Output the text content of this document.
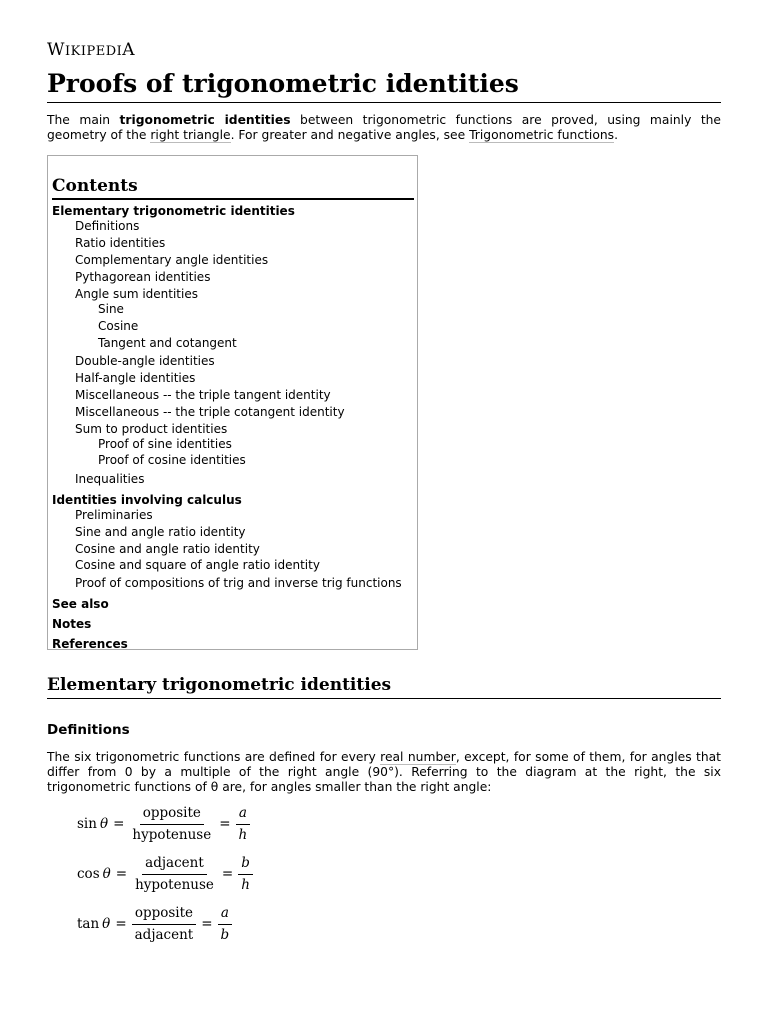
WIKIPEDIA
Proofs of trigonometric identities

The main trigonometric identities between trigonometric functions are proved, using mainly the geometry of the right triangle. For greater and negative angles, see Trigonometric functions.

Contents
Elementary trigonometric identities
Definitions
Ratio identities
Complementary angle identities
Pythagorean identities
Angle sum identities
Sine
Cosine
Tangent and cotangent
Double-angle identities
Half-angle identities
Miscellaneous -- the triple tangent identity
Miscellaneous -- the triple cotangent identity
Sum to product identities
Proof of sine identities
Proof of cosine identities
Inequalities
Identities involving calculus
Preliminaries
Sine and angle ratio identity
Cosine and angle ratio identity
Cosine and square of angle ratio identity
Proof of compositions of trig and inverse trig functions
See also
Notes
References
Elementary trigonometric identities
Definitions

The six trigonometric functions are defined for every real number, except, for some of them, for angles that differ from 0 by a multiple of the right angle (90°). Referring to the diagram at the right, the six trigonometric functions of θ are, for angles smaller than the right angle:

$\sin \theta = \frac{\text{opposite}}{\text{hypotenuse}} = \frac{a}{h}$
$\cos \theta = \frac{\text{adjacent}}{\text{hypotenuse}} = \frac{b}{h}$
$\tan \theta = \frac{\text{opposite}}{\text{adjacent}} = \frac{a}{b}$
